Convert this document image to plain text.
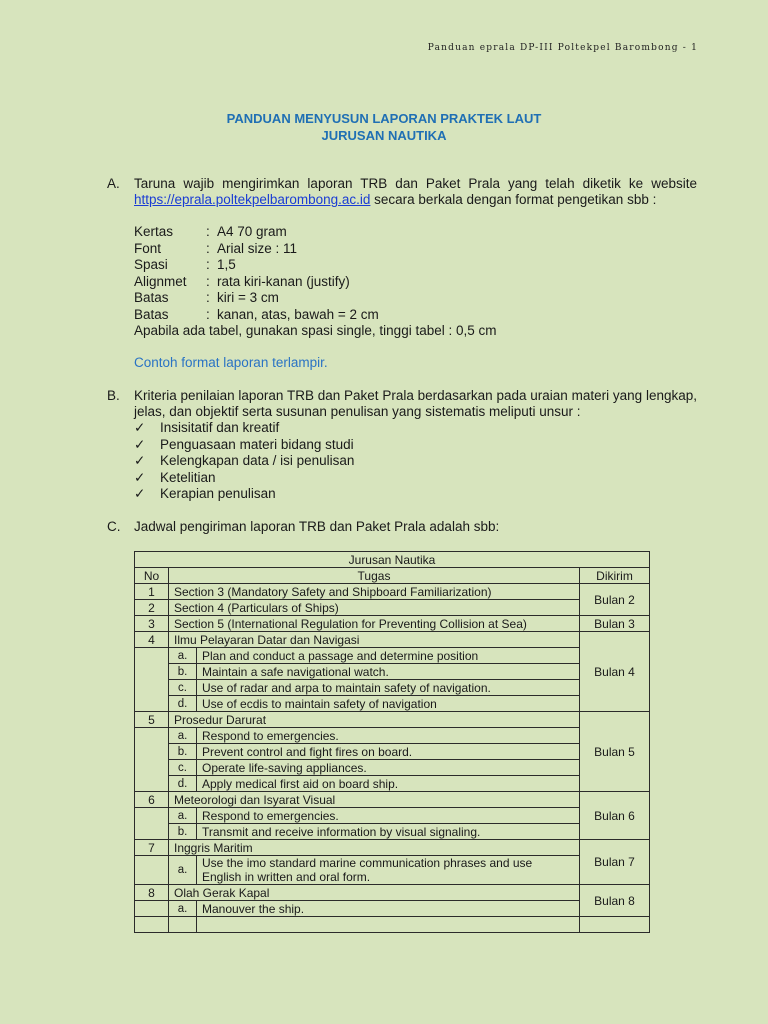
Panduan eprala DP-III Poltekpel Barombong - 1
PANDUAN MENYUSUN LAPORAN PRAKTEK LAUT
JURUSAN NAUTIKA
A. Taruna wajib mengirimkan laporan TRB dan Paket Prala yang telah diketik ke website https://eprala.poltekpelbarombong.ac.id secara berkala dengan format pengetikan sbb :
Kertas	: A4 70 gram
Font	: Arial size : 11
Spasi	: 1,5
Alignmet	: rata kiri-kanan (justify)
Batas	: kiri = 3 cm
Batas	: kanan, atas, bawah = 2 cm
Apabila ada tabel, gunakan spasi single, tinggi tabel : 0,5 cm
Contoh format laporan terlampir.
B. Kriteria penilaian laporan TRB dan Paket Prala berdasarkan pada uraian materi yang lengkap, jelas, dan objektif serta susunan penulisan yang sistematis meliputi unsur :
✓	Insisitatif dan kreatif
✓	Penguasaan materi bidang studi
✓	Kelengkapan data / isi penulisan
✓	Ketelitian
✓	Kerapian penulisan
C. Jadwal pengiriman laporan TRB dan Paket Prala adalah sbb:
Jurusan Nautika			
No	Tugas		Dikirim
1	Section 3 (Mandatory Safety and Shipboard Familiarization)		Bulan 2
2	Section 4 (Particulars of Ships)		
3	Section 5 (International Regulation for Preventing Collision at Sea)		Bulan 3
4	Ilmu Pelayaran Datar dan Navigasi		Bulan 4
	a.	Plan and conduct a passage and determine position	
	b.	Maintain a safe navigational watch.	
	c.	Use of radar and arpa to maintain safety of navigation.	
	d.	Use of ecdis to maintain safety of navigation	
5	Prosedur Darurat		Bulan 5
	a.	Respond to emergencies.	
	b.	Prevent control and fight fires on board.	
	c.	Operate life-saving appliances.	
	d.	Apply medical first aid on board ship.	
6	Meteorologi dan Isyarat Visual		Bulan 6
	a.	Respond to emergencies.	
	b.	Transmit and receive information by visual signaling.	
7	Inggris Maritim		Bulan 7
	a.	Use the imo standard marine communication phrases and use English in written and oral form.	
8	Olah Gerak Kapal		Bulan 8
	a.	Manouver the ship.	
